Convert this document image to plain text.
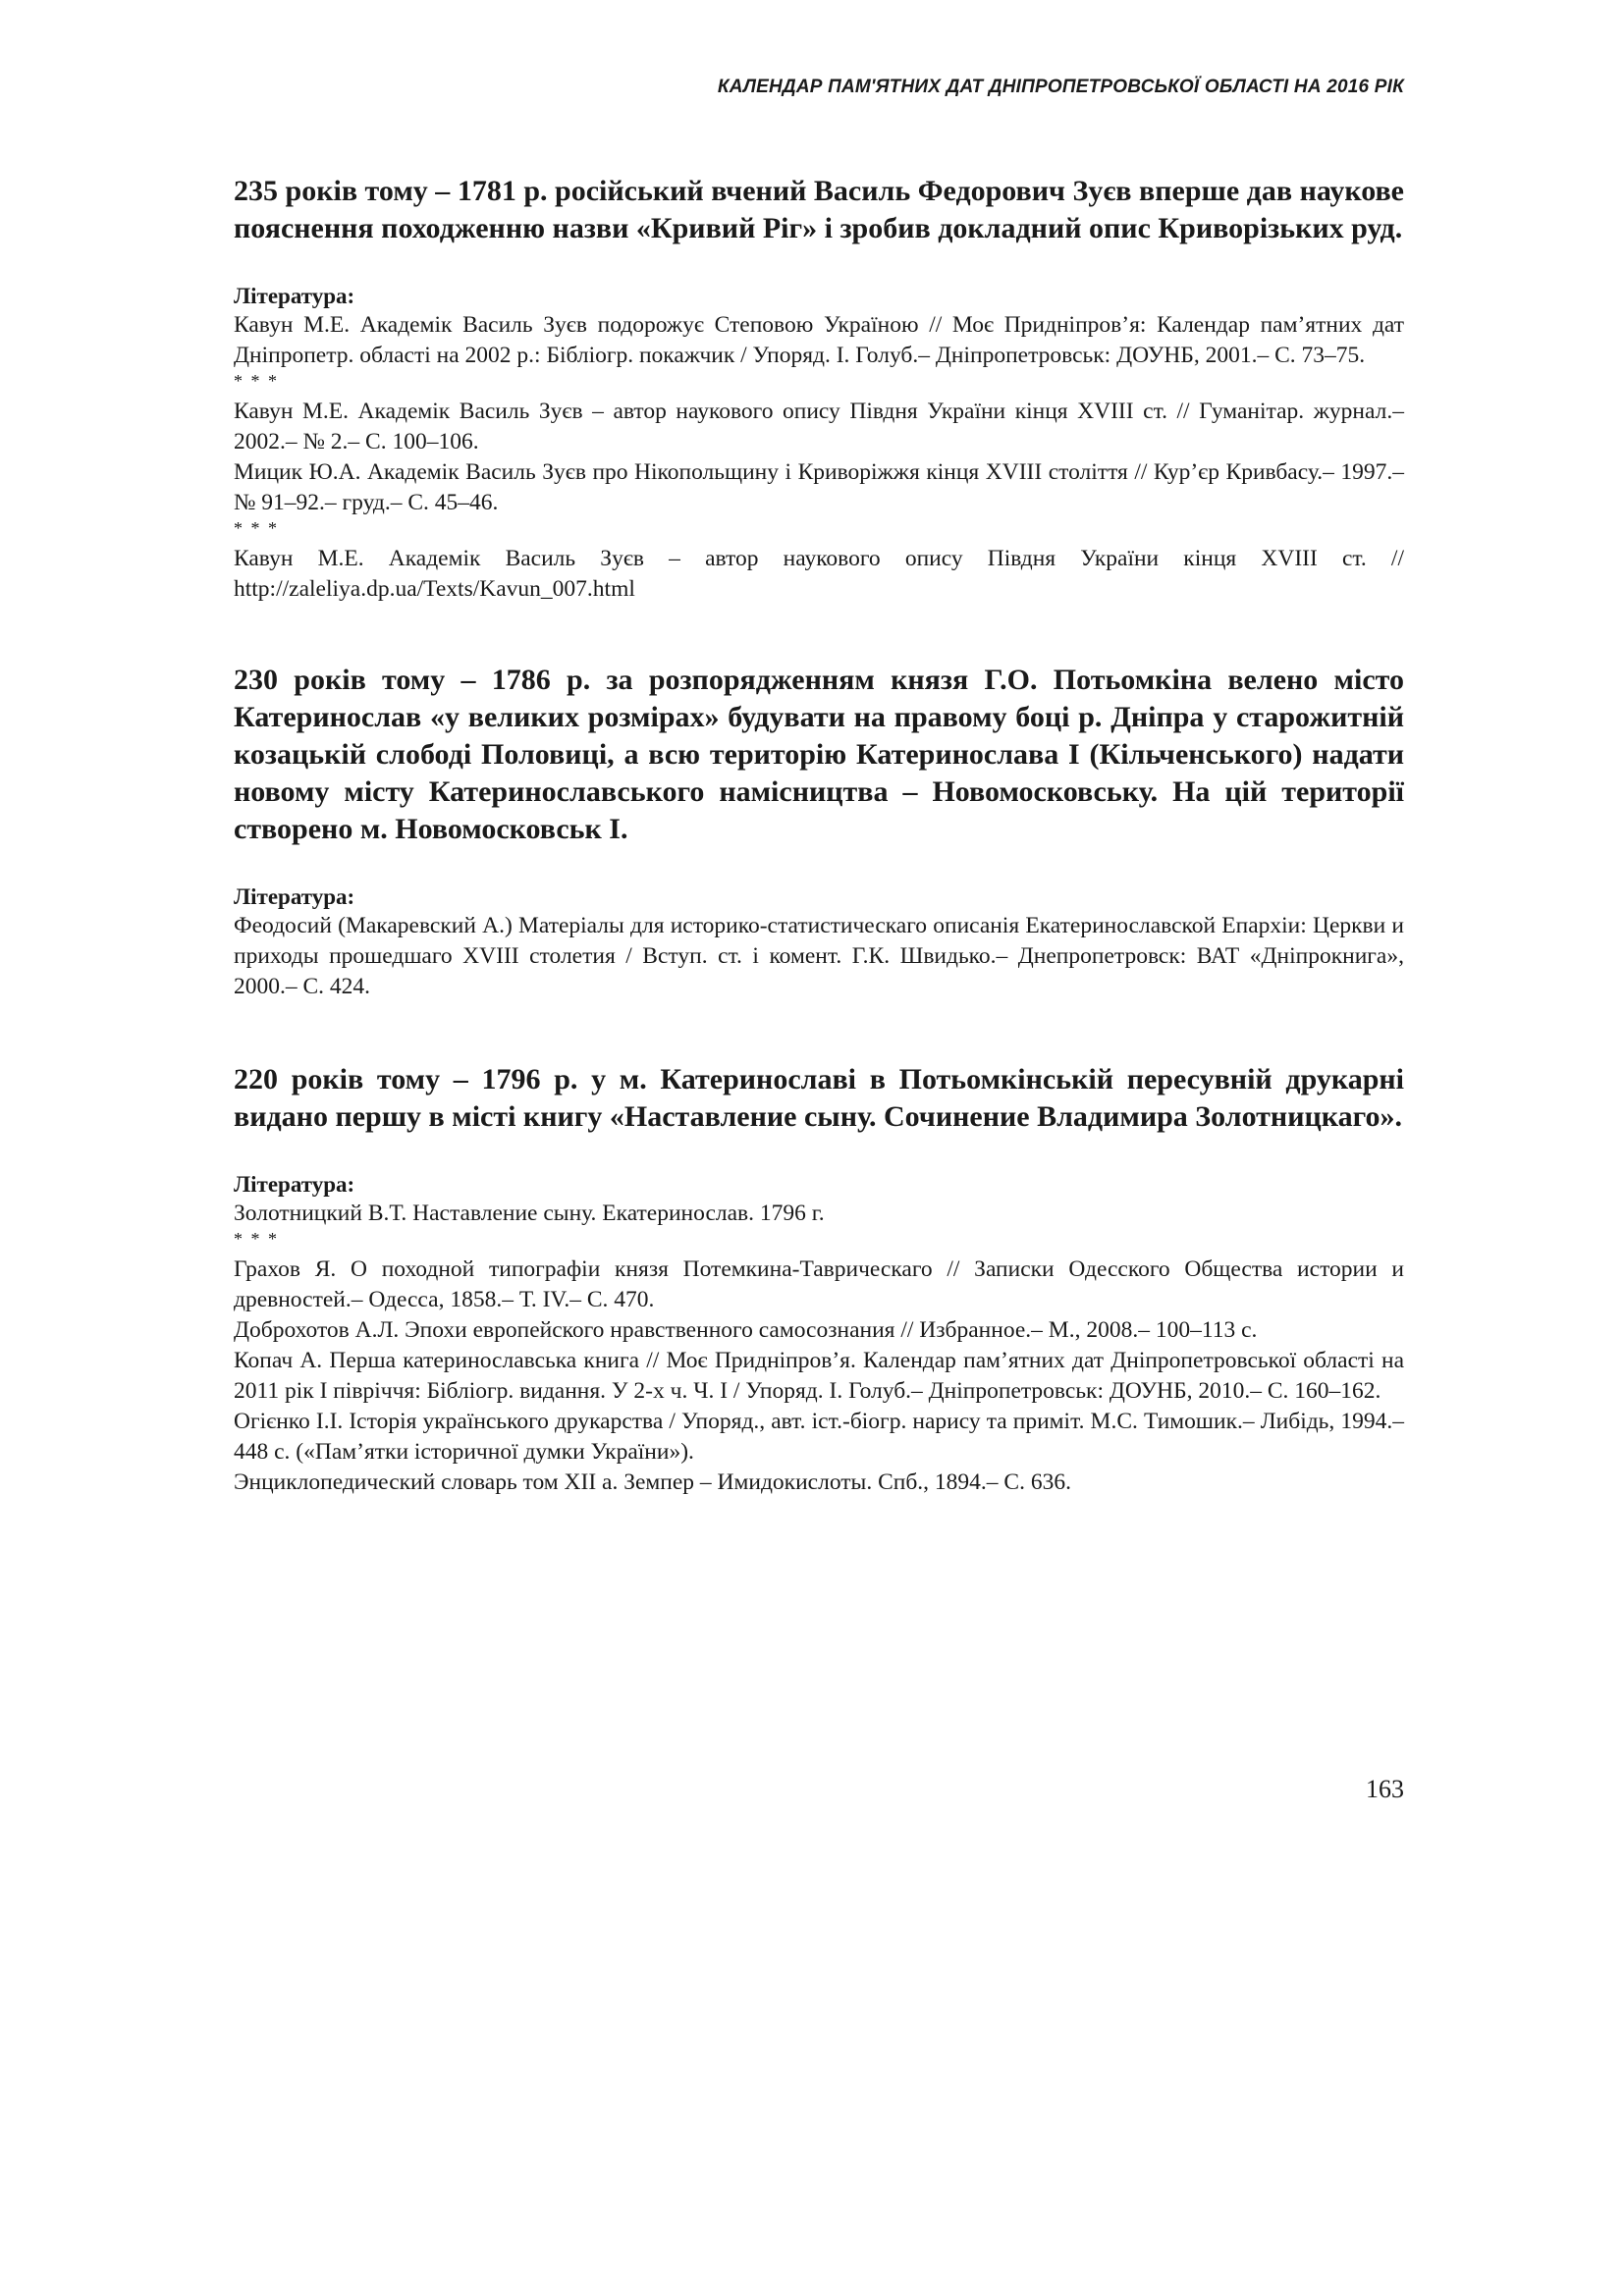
КАЛЕНДАР ПАМ'ЯТНИХ ДАТ ДНІПРОПЕТРОВСЬКОЇ ОБЛАСТІ НА 2016 РІК

235 років тому – 1781 р. російський вчений Василь Федорович Зуєв вперше дав наукове пояснення походженню назви «Кривий Ріг» і зробив докладний опис Криворізьких руд.

Література:

Кавун М.Е. Академік Василь Зуєв подорожує Степовою Україною // Моє Придніпров’я: Календар пам’ятних дат Дніпропетр. області на 2002 р.: Бібліогр. покажчик / Упоряд. І. Голуб.– Дніпропетровськ: ДОУНБ, 2001.– С. 73–75.

* * *

Кавун М.Е. Академік Василь Зуєв – автор наукового опису Півдня України кінця XVIII ст. // Гуманітар. журнал.– 2002.– № 2.– С. 100–106.

Мицик Ю.А. Академік Василь Зуєв про Нікопольщину і Криворіжжя кінця XVIII століття // Кур’єр Кривбасу.– 1997.– № 91–92.– груд.– С. 45–46.

* * *

Кавун М.Е. Академік Василь Зуєв – автор наукового опису Півдня України кінця XVIII ст. // http://zaleliya.dp.ua/Texts/Kavun_007.html

230 років тому – 1786 р. за розпорядженням князя Г.О. Потьомкіна велено місто Катеринослав «у великих розмірах» будувати на правому боці р. Дніпра у старожитній козацькій слободі Половиці, а всю територію Катеринослава I (Кільченського) надати новому місту Катеринославського намісництва – Новомосковську. На цій території створено м. Новомосковськ І.

Література:

Феодосий (Макаревский А.) Матеріалы для историко-статистическаго описанія Екатеринославской Епархіи: Церкви и приходы прошедшаго XVIII столетия / Вступ. ст. і комент. Г.К. Швидько.– Днепропетровск: ВАТ «Дніпрокнига», 2000.– С. 424.

220 років тому – 1796 р. у м. Катеринославі в Потьомкінській пересувній друкарні видано першу в місті книгу «Наставление сыну. Сочинение Владимира Золотницкаго».

Література:

Золотницкий В.Т. Наставление сыну. Екатеринослав. 1796 г.

* * *

Грахов Я. О походной типографіи князя Потемкина-Таврическаго // Записки Одесского Общества истории и древностей.– Одесса, 1858.– Т. IV.– С. 470.

Доброхотов А.Л. Эпохи европейского нравственного самосознания // Избранное.– М., 2008.– 100–113 с.

Копач А. Перша катеринославська книга // Моє Придніпров’я. Календар пам’ятних дат Дніпропетровської області на 2011 рік І півріччя: Бібліогр. видання. У 2-х ч. Ч. І / Упоряд. І. Голуб.– Дніпропетровськ: ДОУНБ, 2010.– С. 160–162.

Огієнко І.І. Історія українського друкарства / Упоряд., авт. іст.-біогр. нарису та приміт. М.С. Тимошик.– Либідь, 1994.– 448 с. («Пам’ятки історичної думки України»).

Энциклопедический словарь том XII а. Земпер – Имидокислоты. Спб., 1894.– С. 636.

163
